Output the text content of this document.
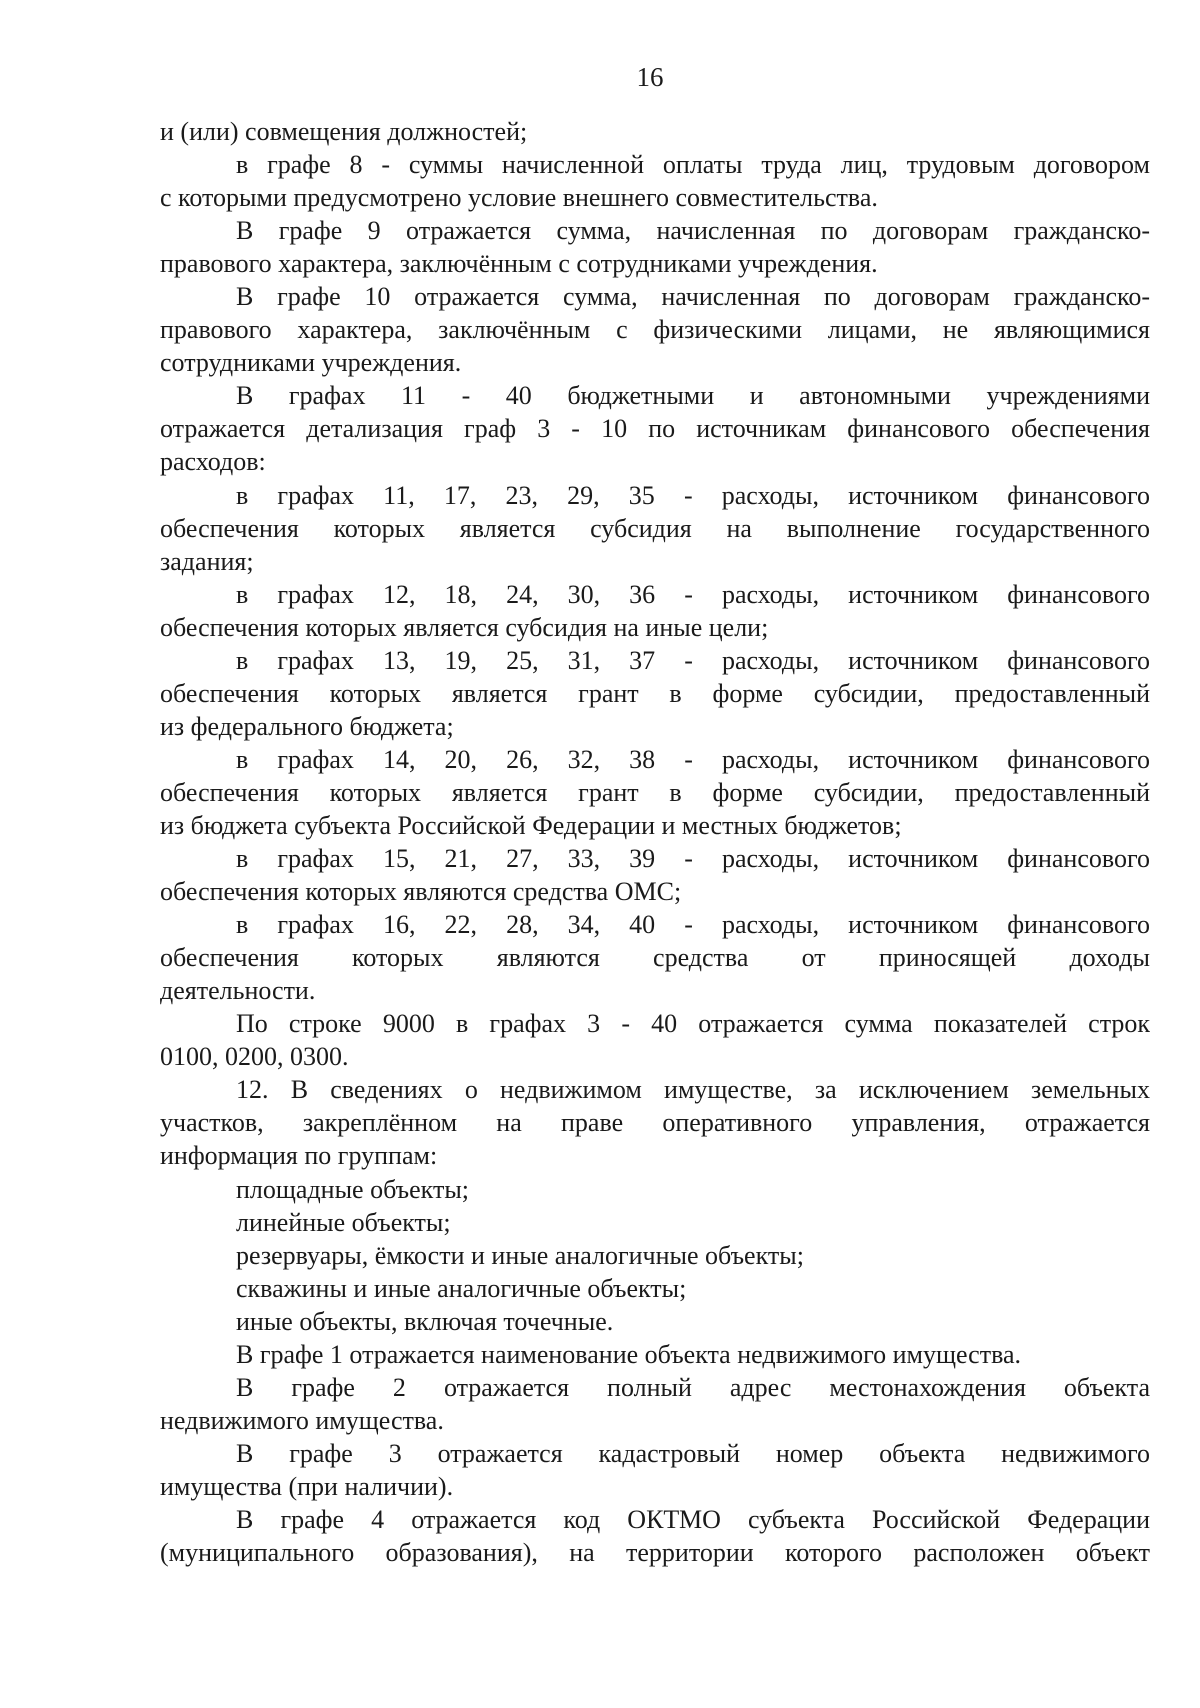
16
и (или) совмещения должностей;
в графе 8 - суммы начисленной оплаты труда лиц, трудовым договором
с которыми предусмотрено условие внешнего совместительства.
В графе 9 отражается сумма, начисленная по договорам гражданско-
правового характера, заключённым с сотрудниками учреждения.
В графе 10 отражается сумма, начисленная по договорам гражданско-
правового характера, заключённым с физическими лицами, не являющимися
сотрудниками учреждения.
В графах 11 - 40 бюджетными и автономными учреждениями
отражается детализация граф 3 - 10 по источникам финансового обеспечения
расходов:
в графах 11, 17, 23, 29, 35 - расходы, источником финансового
обеспечения которых является субсидия на выполнение государственного
задания;
в графах 12, 18, 24, 30, 36 - расходы, источником финансового
обеспечения которых является субсидия на иные цели;
в графах 13, 19, 25, 31, 37 - расходы, источником финансового
обеспечения которых является грант в форме субсидии, предоставленный
из федерального бюджета;
в графах 14, 20, 26, 32, 38 - расходы, источником финансового
обеспечения которых является грант в форме субсидии, предоставленный
из бюджета субъекта Российской Федерации и местных бюджетов;
в графах 15, 21, 27, 33, 39 - расходы, источником финансового
обеспечения которых являются средства ОМС;
в графах 16, 22, 28, 34, 40 - расходы, источником финансового
обеспечения которых являются средства от приносящей доходы
деятельности.
По строке 9000 в графах 3 - 40 отражается сумма показателей строк
0100, 0200, 0300.
12. В сведениях о недвижимом имуществе, за исключением земельных
участков, закреплённом на праве оперативного управления, отражается
информация по группам:
площадные объекты;
линейные объекты;
резервуары, ёмкости и иные аналогичные объекты;
скважины и иные аналогичные объекты;
иные объекты, включая точечные.
В графе 1 отражается наименование объекта недвижимого имущества.
В графе 2 отражается полный адрес местонахождения объекта
недвижимого имущества.
В графе 3 отражается кадастровый номер объекта недвижимого
имущества (при наличии).
В графе 4 отражается код ОКТМО субъекта Российской Федерации
(муниципального образования), на территории которого расположен объект
